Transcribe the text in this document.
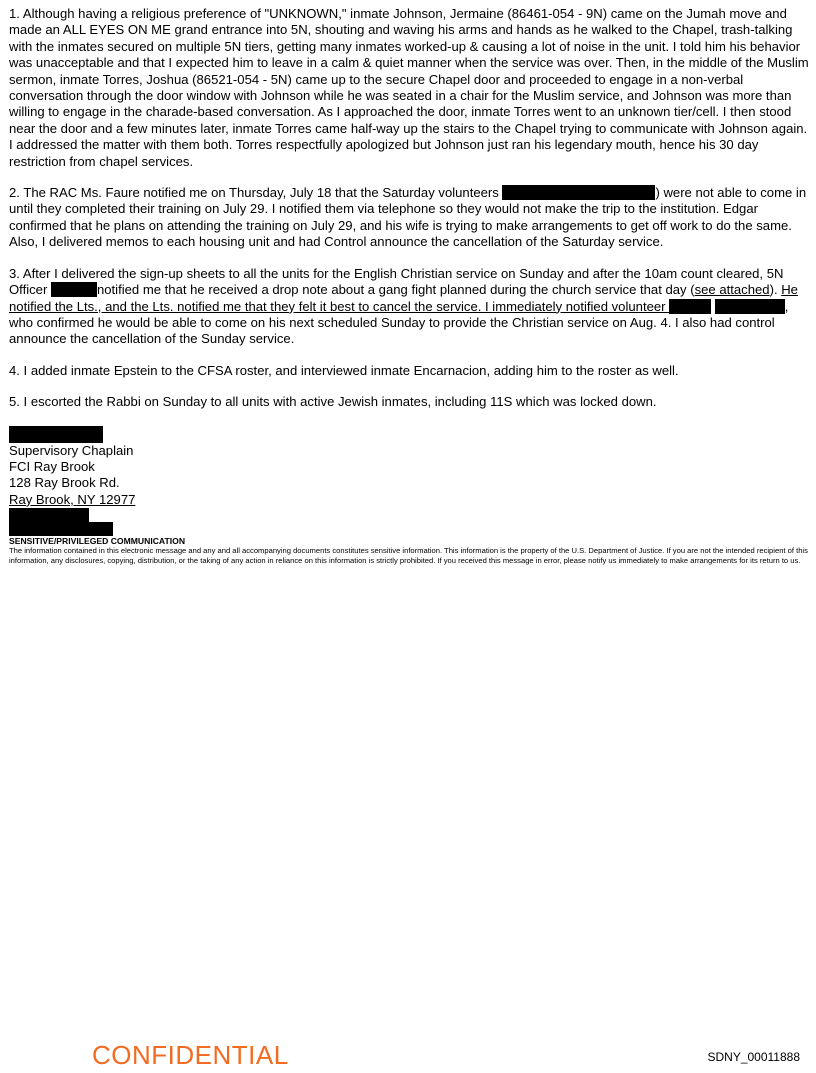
1. Although having a religious preference of "UNKNOWN," inmate Johnson, Jermaine (86461-054 - 9N) came on the Jumah move and made an ALL EYES ON ME grand entrance into 5N, shouting and waving his arms and hands as he walked to the Chapel, trash-talking with the inmates secured on multiple 5N tiers, getting many inmates worked-up & causing a lot of noise in the unit. I told him his behavior was unacceptable and that I expected him to leave in a calm & quiet manner when the service was over. Then, in the middle of the Muslim sermon, inmate Torres, Joshua (86521-054 - 5N) came up to the secure Chapel door and proceeded to engage in a non-verbal conversation through the door window with Johnson while he was seated in a chair for the Muslim service, and Johnson was more than willing to engage in the charade-based conversation. As I approached the door, inmate Torres went to an unknown tier/cell. I then stood near the door and a few minutes later, inmate Torres came half-way up the stairs to the Chapel trying to communicate with Johnson again. I addressed the matter with them both. Torres respectfully apologized but Johnson just ran his legendary mouth, hence his 30 day restriction from chapel services.

2. The RAC Ms. Faure notified me on Thursday, July 18 that the Saturday volunteers	) were not able to come in until they completed their training on July 29. I notified them via telephone so they would not make the trip to the institution. Edgar confirmed that he plans on attending the training on July 29, and his wife is trying to make arrangements to get off work to do the same. Also, I delivered memos to each housing unit and had Control announce the cancellation of the Saturday service.

3. After I delivered the sign-up sheets to all the units for the English Christian service on Sunday and after the 10am count cleared, 5N Officer	notified me that he received a drop note about a gang fight planned during the church service that day (see attached). He notified the Lts., and the Lts. notified me that they felt it best to cancel the service. I immediately notified volunteer	, who confirmed he would be able to come on his next scheduled Sunday to provide the Christian service on Aug. 4. I also had control announce the cancellation of the Sunday service.

4. I added inmate Epstein to the CFSA roster, and interviewed inmate Encarnacion, adding him to the roster as well.

5. I escorted the Rabbi on Sunday to all units with active Jewish inmates, including 11S which was locked down.

Supervisory Chaplain
FCI Ray Brook
128 Ray Brook Rd.
Ray Brook, NY 12977
SENSITIVE/PRIVILEGED COMMUNICATION
The information contained in this electronic message and any and all accompanying documents constitutes sensitive information. This information is the property of the U.S. Department of Justice. If you are not the intended recipient of this information, any disclosures, copying, distribution, or the taking of any action in reliance on this information is strictly prohibited. If you received this message in error, please notify us immediately to make arrangements for its return to us.
CONFIDENTIAL	SDNY_00011888
